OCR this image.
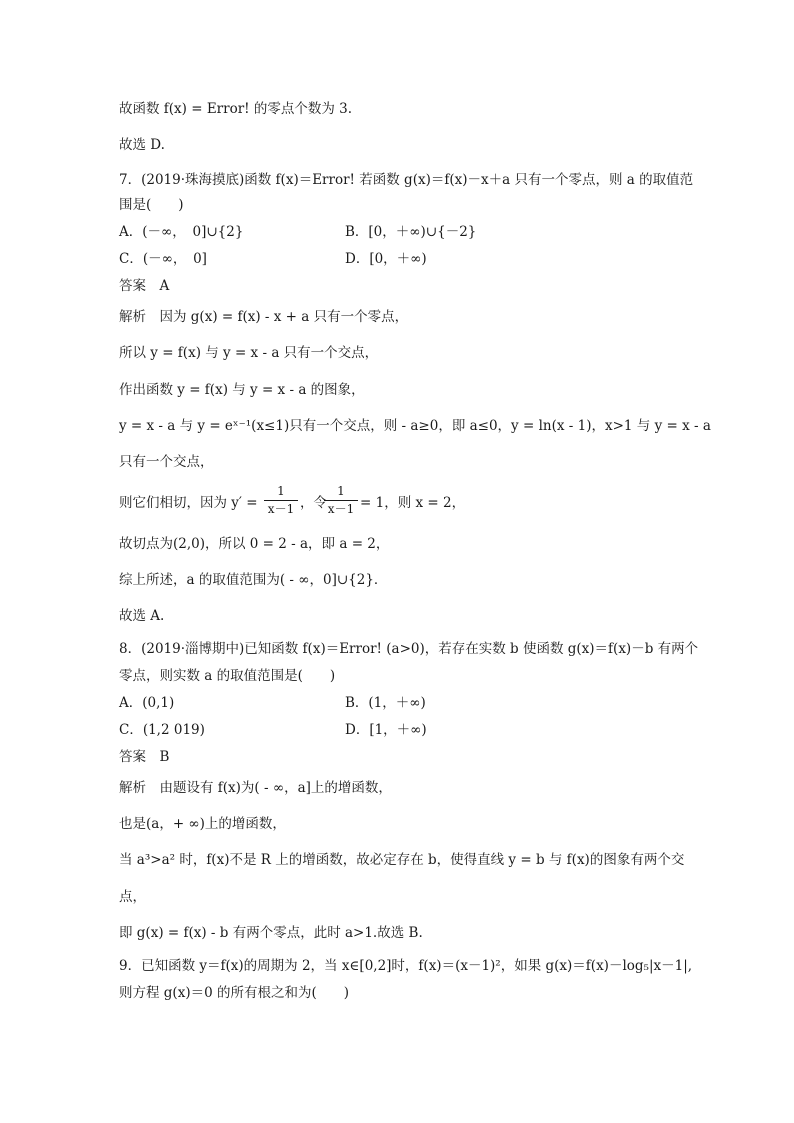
故函数 f(x) = Error! 的零点个数为 3.
故选 D.
7．(2019·珠海摸底)函数 f(x)＝Error! 若函数 g(x)＝f(x)－x＋a 只有一个零点，则 a 的取值范
围是(　　)
A．(－∞，　0]∪{2}	B．[0，＋∞)∪{－2}
C．(－∞，　0]	D．[0，＋∞)
答案　A
解析　因为 g(x) = f(x) - x + a 只有一个零点，
所以 y = f(x) 与 y = x - a 只有一个交点，
作出函数 y = f(x) 与 y = x - a 的图象，
y = x - a 与 y = eˣ⁻¹(x≤1)只有一个交点，则 - a≥0，即 a≤0，y = ln(x - 1)，x>1 与 y = x - a
只有一个交点，
则它们相切，因为 y′ =
1
x－1 ，令
1
x－1 = 1，则 x = 2，
故切点为(2,0)，所以 0 = 2 - a，即 a = 2，
综上所述，a 的取值范围为( - ∞，0]∪{2}．
故选 A.
8．(2019·淄博期中)已知函数 f(x)＝Error! (a>0)，若存在实数 b 使函数 g(x)＝f(x)－b 有两个
零点，则实数 a 的取值范围是(　　)
A．(0,1)	B．(1，＋∞)
C．(1,2 019)	D．[1，＋∞)
答案　B
解析　由题设有 f(x)为( - ∞，a]上的增函数，
也是(a，+ ∞)上的增函数，
当 a³>a² 时，f(x)不是 R 上的增函数，故必定存在 b，使得直线 y = b 与 f(x)的图象有两个交
点，
即 g(x) = f(x) - b 有两个零点，此时 a>1.故选 B.
9．已知函数 y＝f(x)的周期为 2，当 x∈[0,2]时，f(x)＝(x－1)²，如果 g(x)＝f(x)－log₅|x－1|,
则方程 g(x)＝0 的所有根之和为(　　)
